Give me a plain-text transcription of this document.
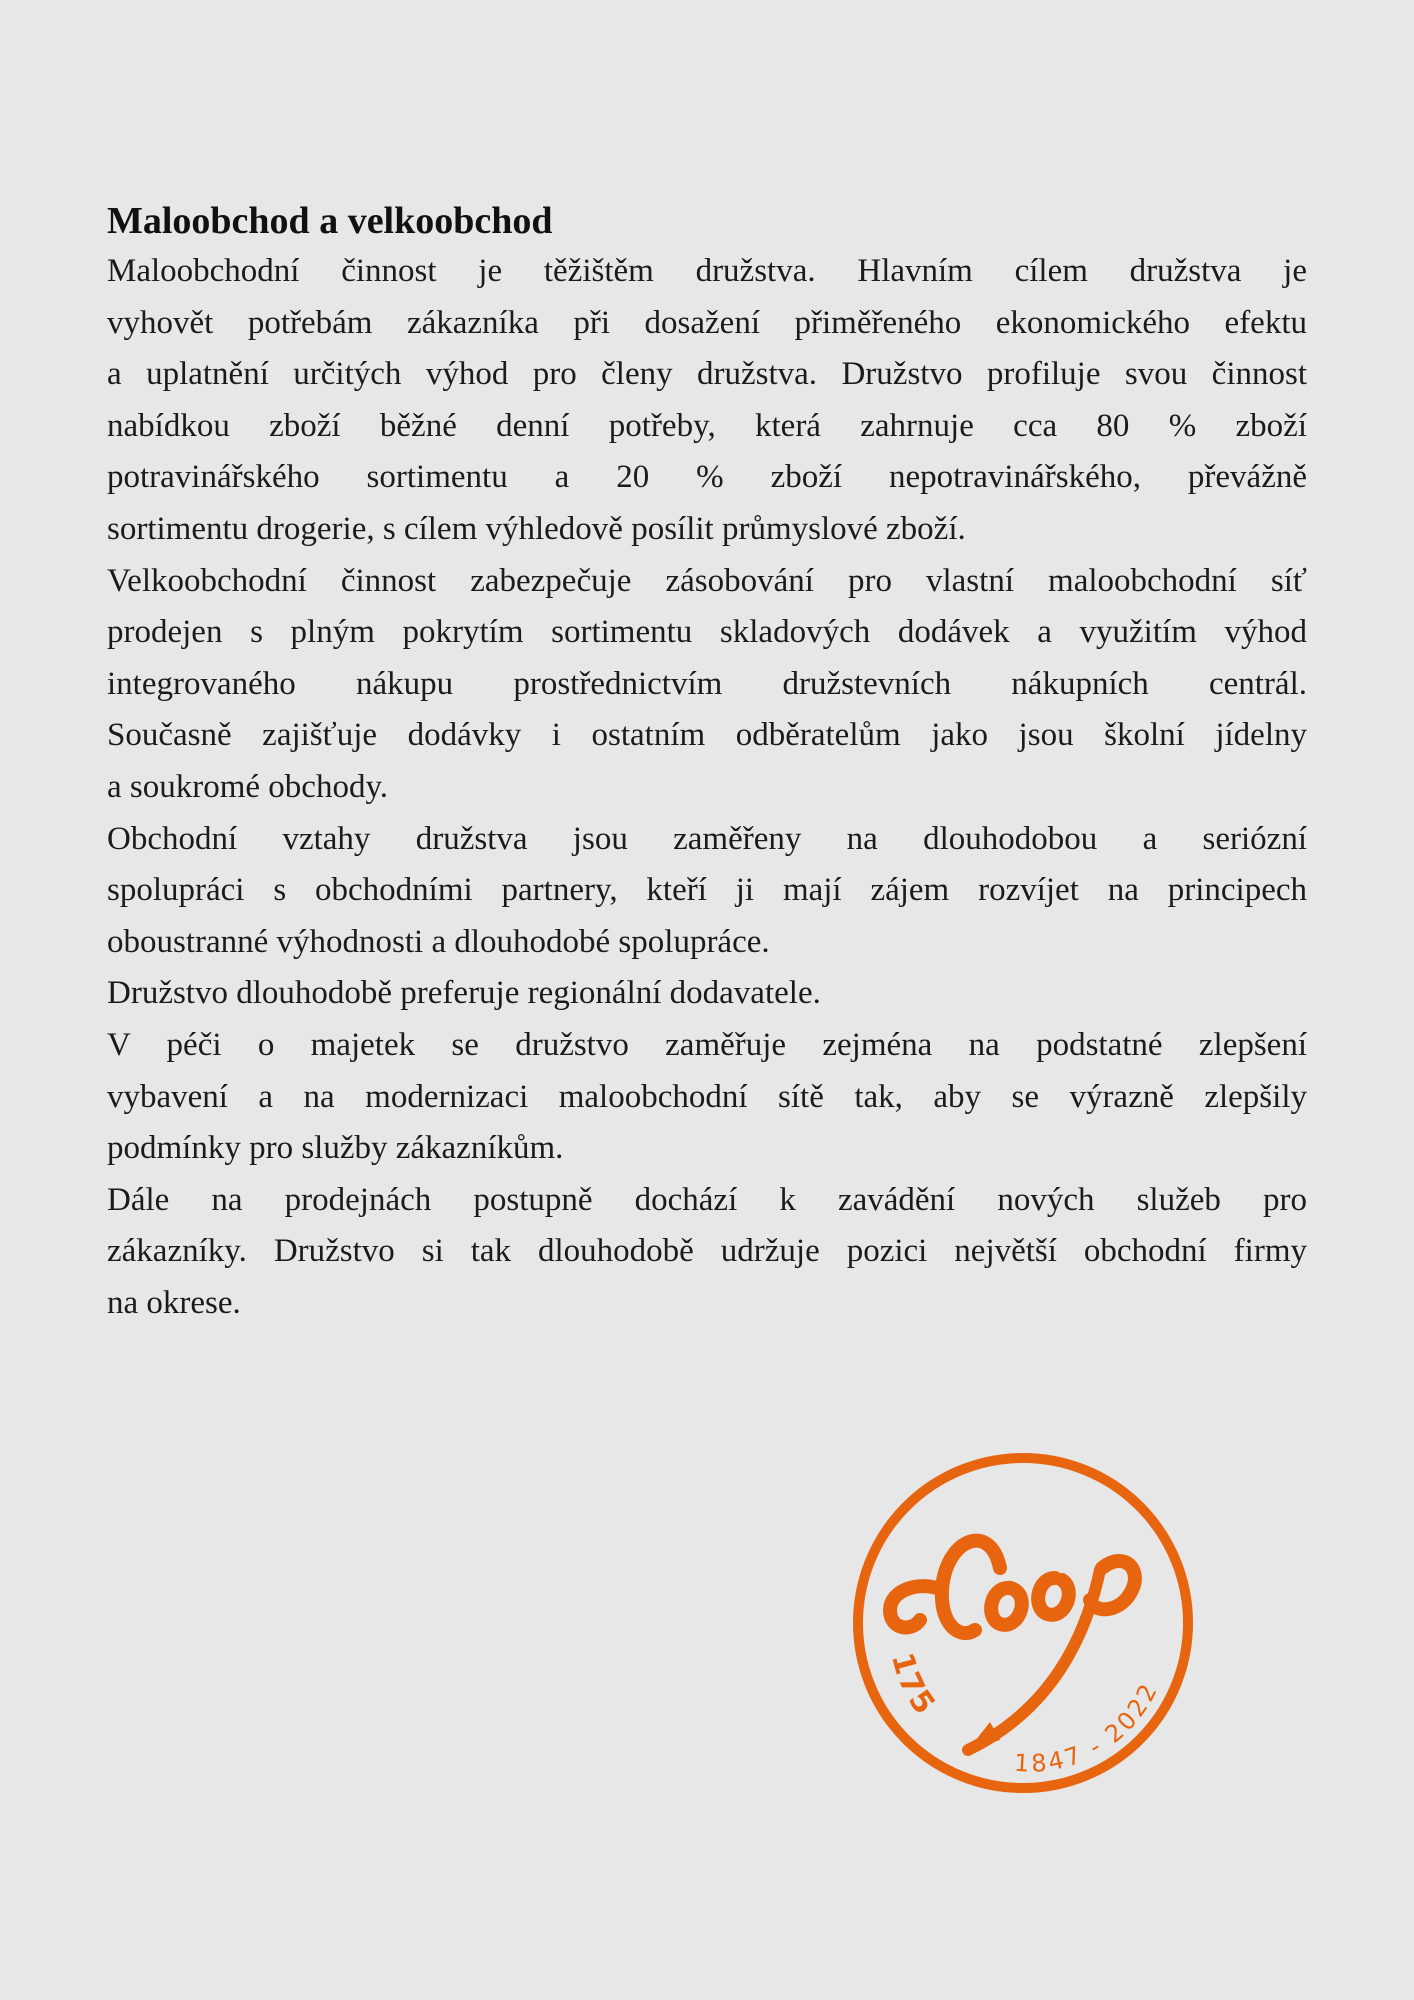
Maloobchod a velkoobchod

Maloobchodní činnost je těžištěm družstva. Hlavním cílem družstva je
vyhovět potřebám zákazníka při dosažení přiměřeného ekonomického efektu
a uplatnění určitých výhod pro členy družstva. Družstvo profiluje svou činnost
nabídkou zboží běžné denní potřeby, která zahrnuje cca 80 % zboží
potravinářského sortimentu a 20 % zboží nepotravinářského, převážně
sortimentu drogerie, s cílem výhledově posílit průmyslové zboží.

Velkoobchodní činnost zabezpečuje zásobování pro vlastní maloobchodní síť
prodejen s plným pokrytím sortimentu skladových dodávek a využitím výhod
integrovaného nákupu prostřednictvím družstevních nákupních centrál.
Současně zajišťuje dodávky i ostatním odběratelům jako jsou školní jídelny
a soukromé obchody.

Obchodní vztahy družstva jsou zaměřeny na dlouhodobou a seriózní
spolupráci s obchodními partnery, kteří ji mají zájem rozvíjet na principech
oboustranné výhodnosti a dlouhodobé spolupráce.

Družstvo dlouhodobě preferuje regionální dodavatele.

V péči o majetek se družstvo zaměřuje zejména na podstatné zlepšení
vybavení a na modernizaci maloobchodní sítě tak, aby se výrazně zlepšily
podmínky pro služby zákazníkům.

Dále na prodejnách postupně dochází k zavádění nových služeb pro
zákazníky. Družstvo si tak dlouhodobě udržuje pozici největší obchodní firmy
na okrese.

175
1847 - 2022
